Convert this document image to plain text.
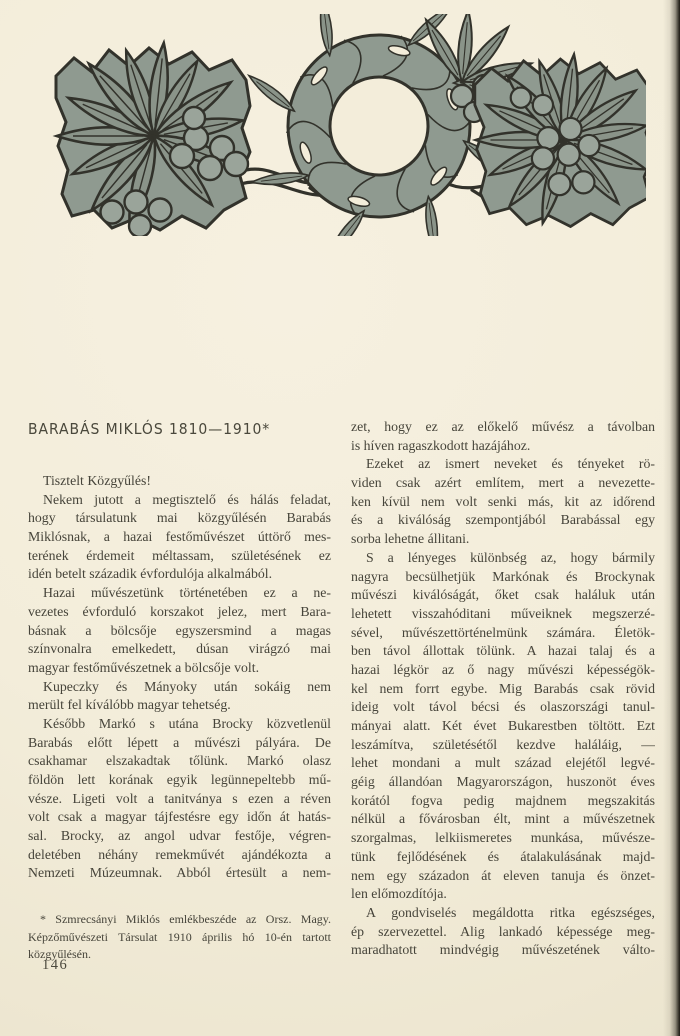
BARABÁS MIKLÓS 1810—1910*
Tisztelt Közgyűlés!
Nekem jutott a megtisztelő és hálás feladat,
hogy társulatunk mai közgyűlésén Barabás
Miklósnak, a hazai festőművészet úttörő mes-
terének érdemeit méltassam, születésének ez
idén betelt századik évfordulója alkalmából.
Hazai művészetünk történetében ez a ne-
vezetes évforduló korszakot jelez, mert Bara-
básnak a bölcsője egyszersmind a magas
színvonalra emelkedett, dúsan virágzó mai
magyar festőművészetnek a bölcsője volt.
Kupeczky és Mányoky után sokáig nem
merült fel kíválóbb magyar tehetség.
Később Markó s utána Brocky közvetlenül
Barabás előtt lépett a művészi pályára. De
csakhamar elszakadtak tőlünk. Markó olasz
földön lett korának egyik legünnepeltebb mű-
vésze. Ligeti volt a tanitványa s ezen a réven
volt csak a magyar tájfestésre egy időn át hatás-
sal. Brocky, az angol udvar festője, végren-
deletében néhány remekművét ajándékozta a
Nemzeti Múzeumnak. Abból értesült a nem-
zet, hogy ez az előkelő művész a távolban
is híven ragaszkodott hazájához.
Ezeket az ismert neveket és tényeket rö-
viden csak azért említem, mert a nevezette-
ken kívül nem volt senki más, kit az időrend
és a kiválóság szempontjából Barabással egy
sorba lehetne állitani.
S a lényeges különbség az, hogy bármily
nagyra becsülhetjük Markónak és Brockynak
művészi kiválóságát, őket csak haláluk után
lehetett visszahóditani műveiknek megszerzé-
sével, művészettörténelmünk számára. Életök-
ben távol állottak tölünk. A hazai talaj és a
hazai légkör az ő nagy művészi képességök-
kel nem forrt egybe. Mig Barabás csak rövid
ideig volt távol bécsi és olaszországi tanul-
mányai alatt. Két évet Bukarestben töltött. Ezt
leszámítva, születésétől kezdve haláláig, —
lehet mondani a mult század elejétől legvé-
géig állandóan Magyarországon, huszonöt éves
korától fogva pedig majdnem megszakitás
nélkül a fővárosban élt, mint a művészetnek
szorgalmas, lelkiismeretes munkása, művésze-
tünk fejlődésének és átalakulásának majd-
nem egy századon át eleven tanuja és önzet-
len előmozdítója.
A gondviselés megáldotta ritka egészséges,
ép szervezettel. Alig lankadó képessége meg-
maradhatott mindvégig művészetének válto-
* Szmrecsányi Miklós emlékbeszéde az Orsz. Magy.
Képzőművészeti Társulat 1910 április hó 10-én tartott
közgyűlésén.
146
